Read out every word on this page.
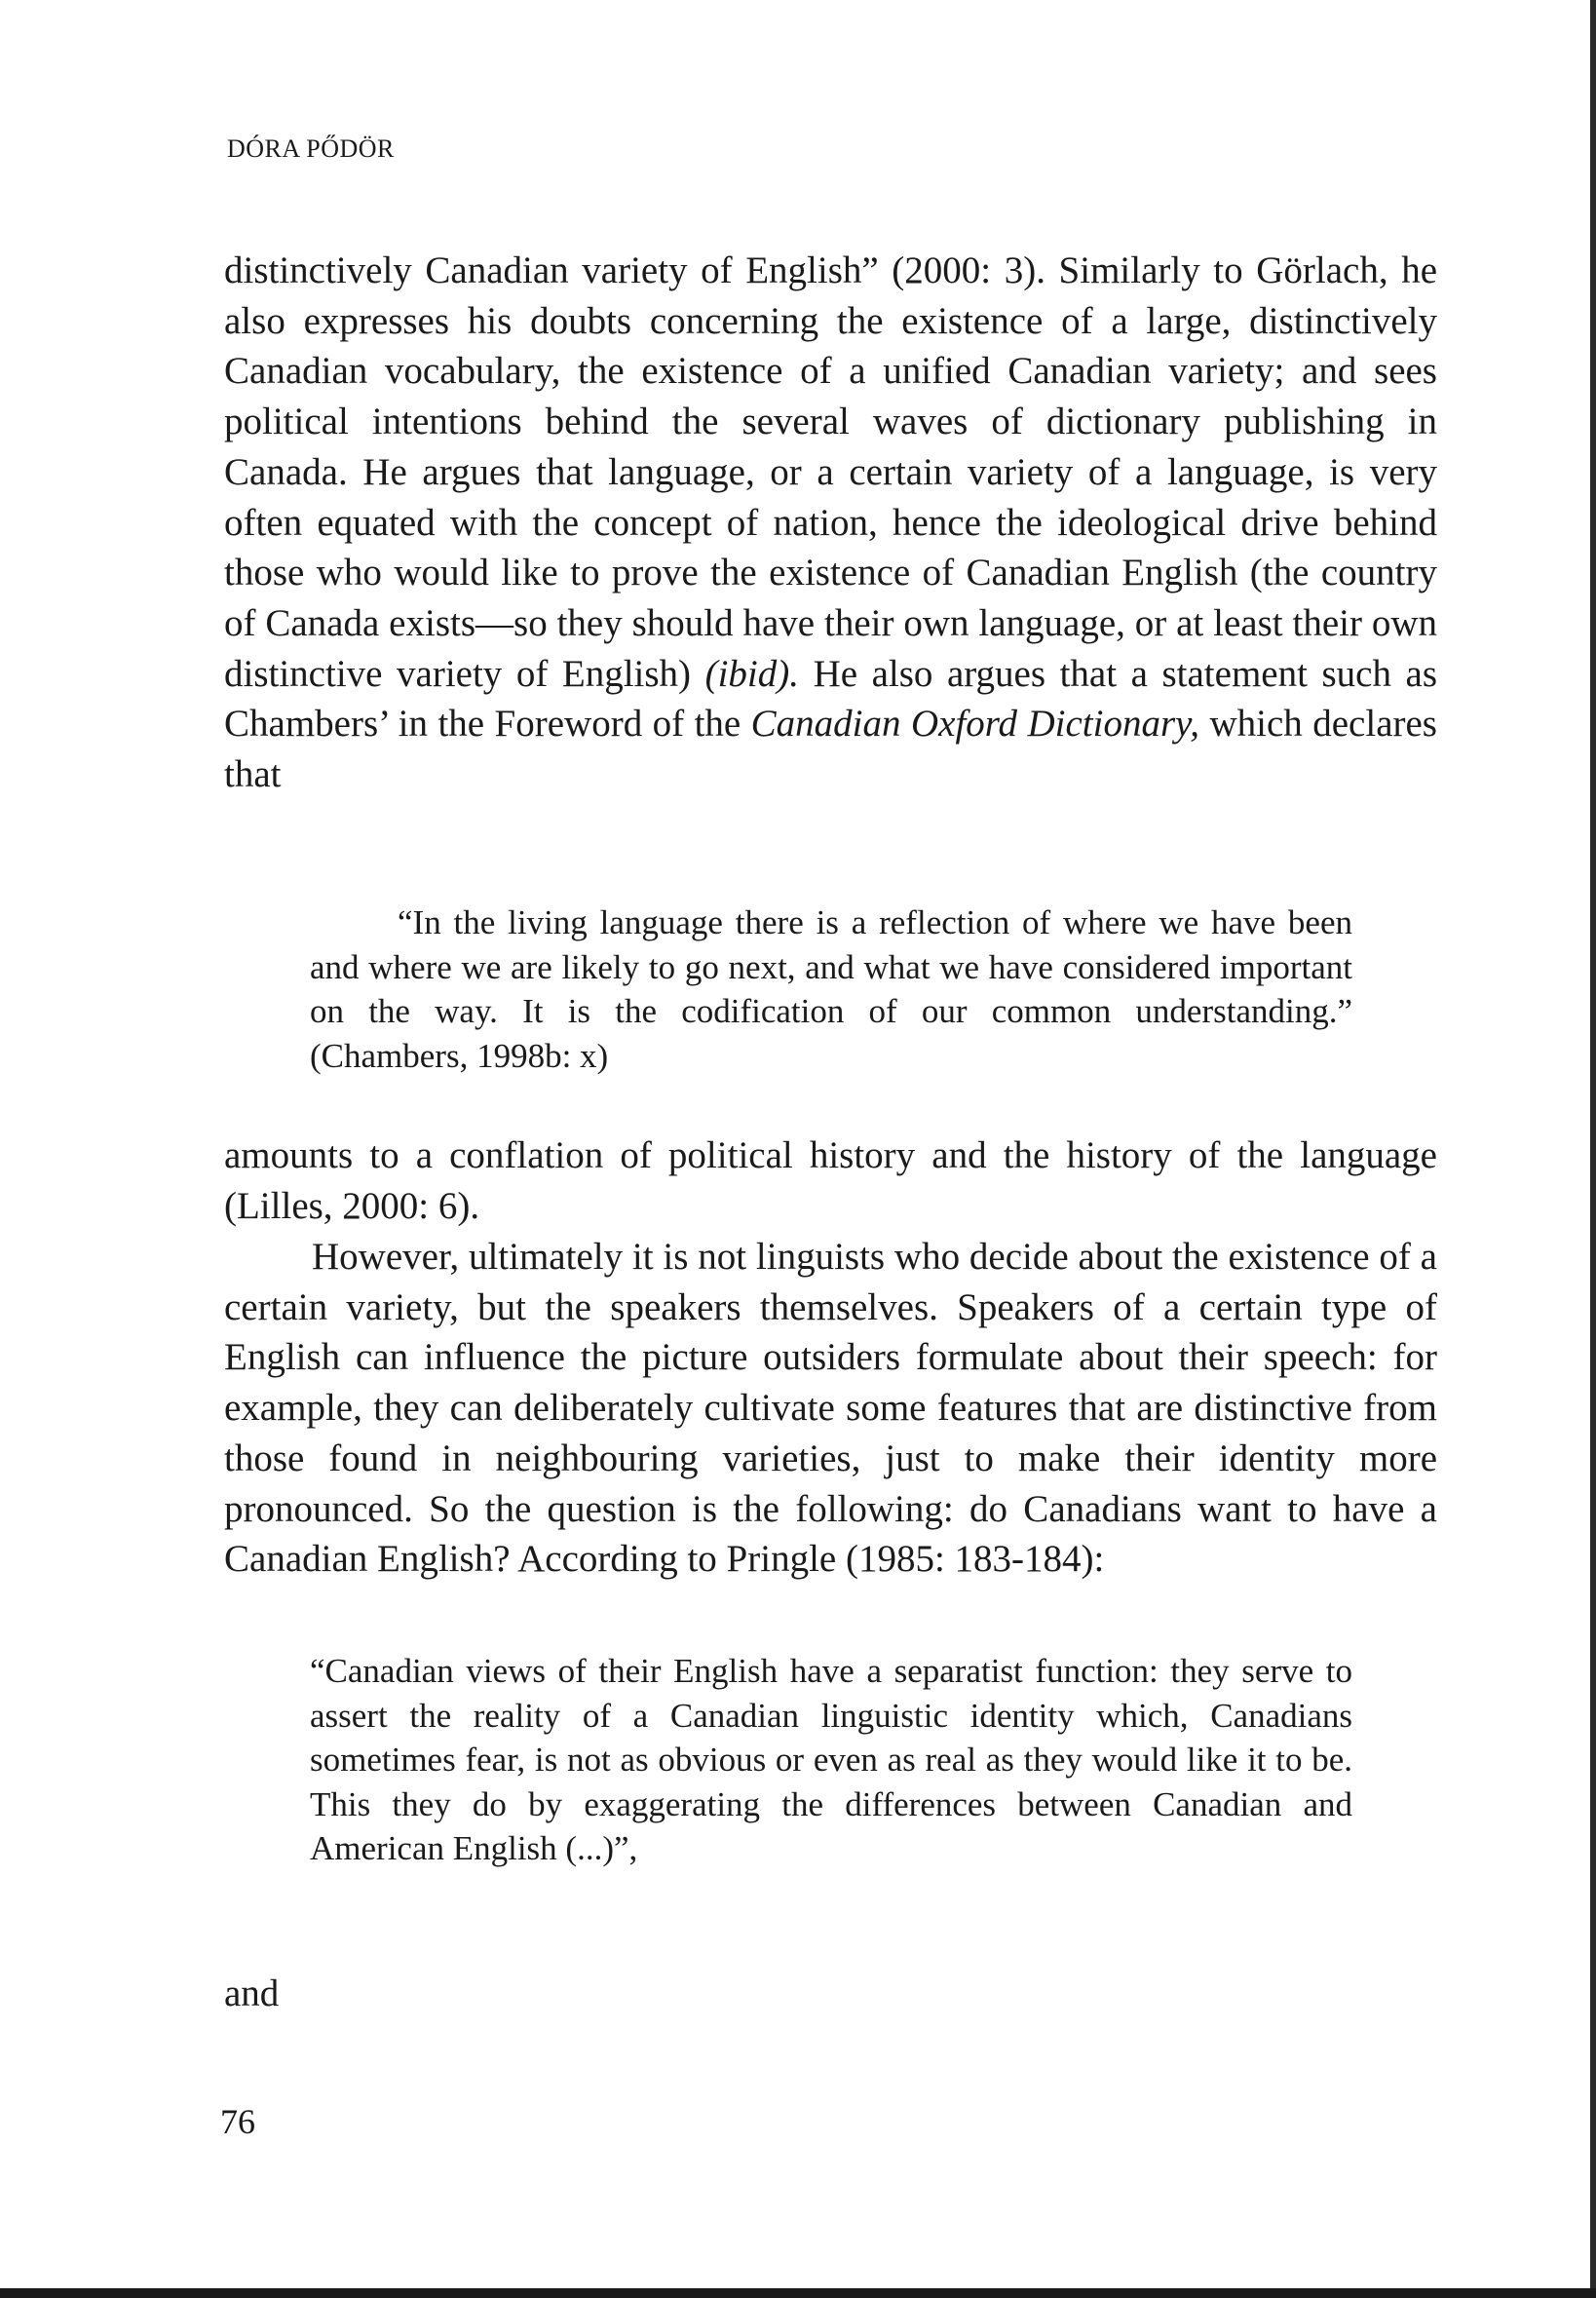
DÓRA PŐDÖR

distinctively Canadian variety of English” (2000: 3). Similarly to Görlach, he also expresses his doubts concerning the existence of a large, distinctively Canadian vocabulary, the existence of a unified Canadian variety; and sees political intentions behind the several waves of dictionary publishing in Canada. He argues that language, or a certain variety of a language, is very often equated with the concept of nation, hence the ideological drive behind those who would like to prove the existence of Canadian English (the country of Canada exists—so they should have their own language, or at least their own distinctive variety of English) (ibid). He also argues that a statement such as Chambers’ in the Foreword of the Canadian Oxford Dictionary, which declares that

“In the living language there is a reflection of where we have been and where we are likely to go next, and what we have considered important on the way. It is the codification of our common understanding.” (Chambers, 1998b: x)

amounts to a conflation of political history and the history of the language (Lilles, 2000: 6).

However, ultimately it is not linguists who decide about the existence of a certain variety, but the speakers themselves. Speakers of a certain type of English can influence the picture outsiders formulate about their speech: for example, they can deliberately cultivate some features that are distinctive from those found in neighbouring varieties, just to make their identity more pronounced. So the question is the following: do Canadians want to have a Canadian English? According to Pringle (1985: 183-184):

“Canadian views of their English have a separatist function: they serve to assert the reality of a Canadian linguistic identity which, Canadians sometimes fear, is not as obvious or even as real as they would like it to be. This they do by exaggerating the differences between Canadian and American English (...)”,

and

76
